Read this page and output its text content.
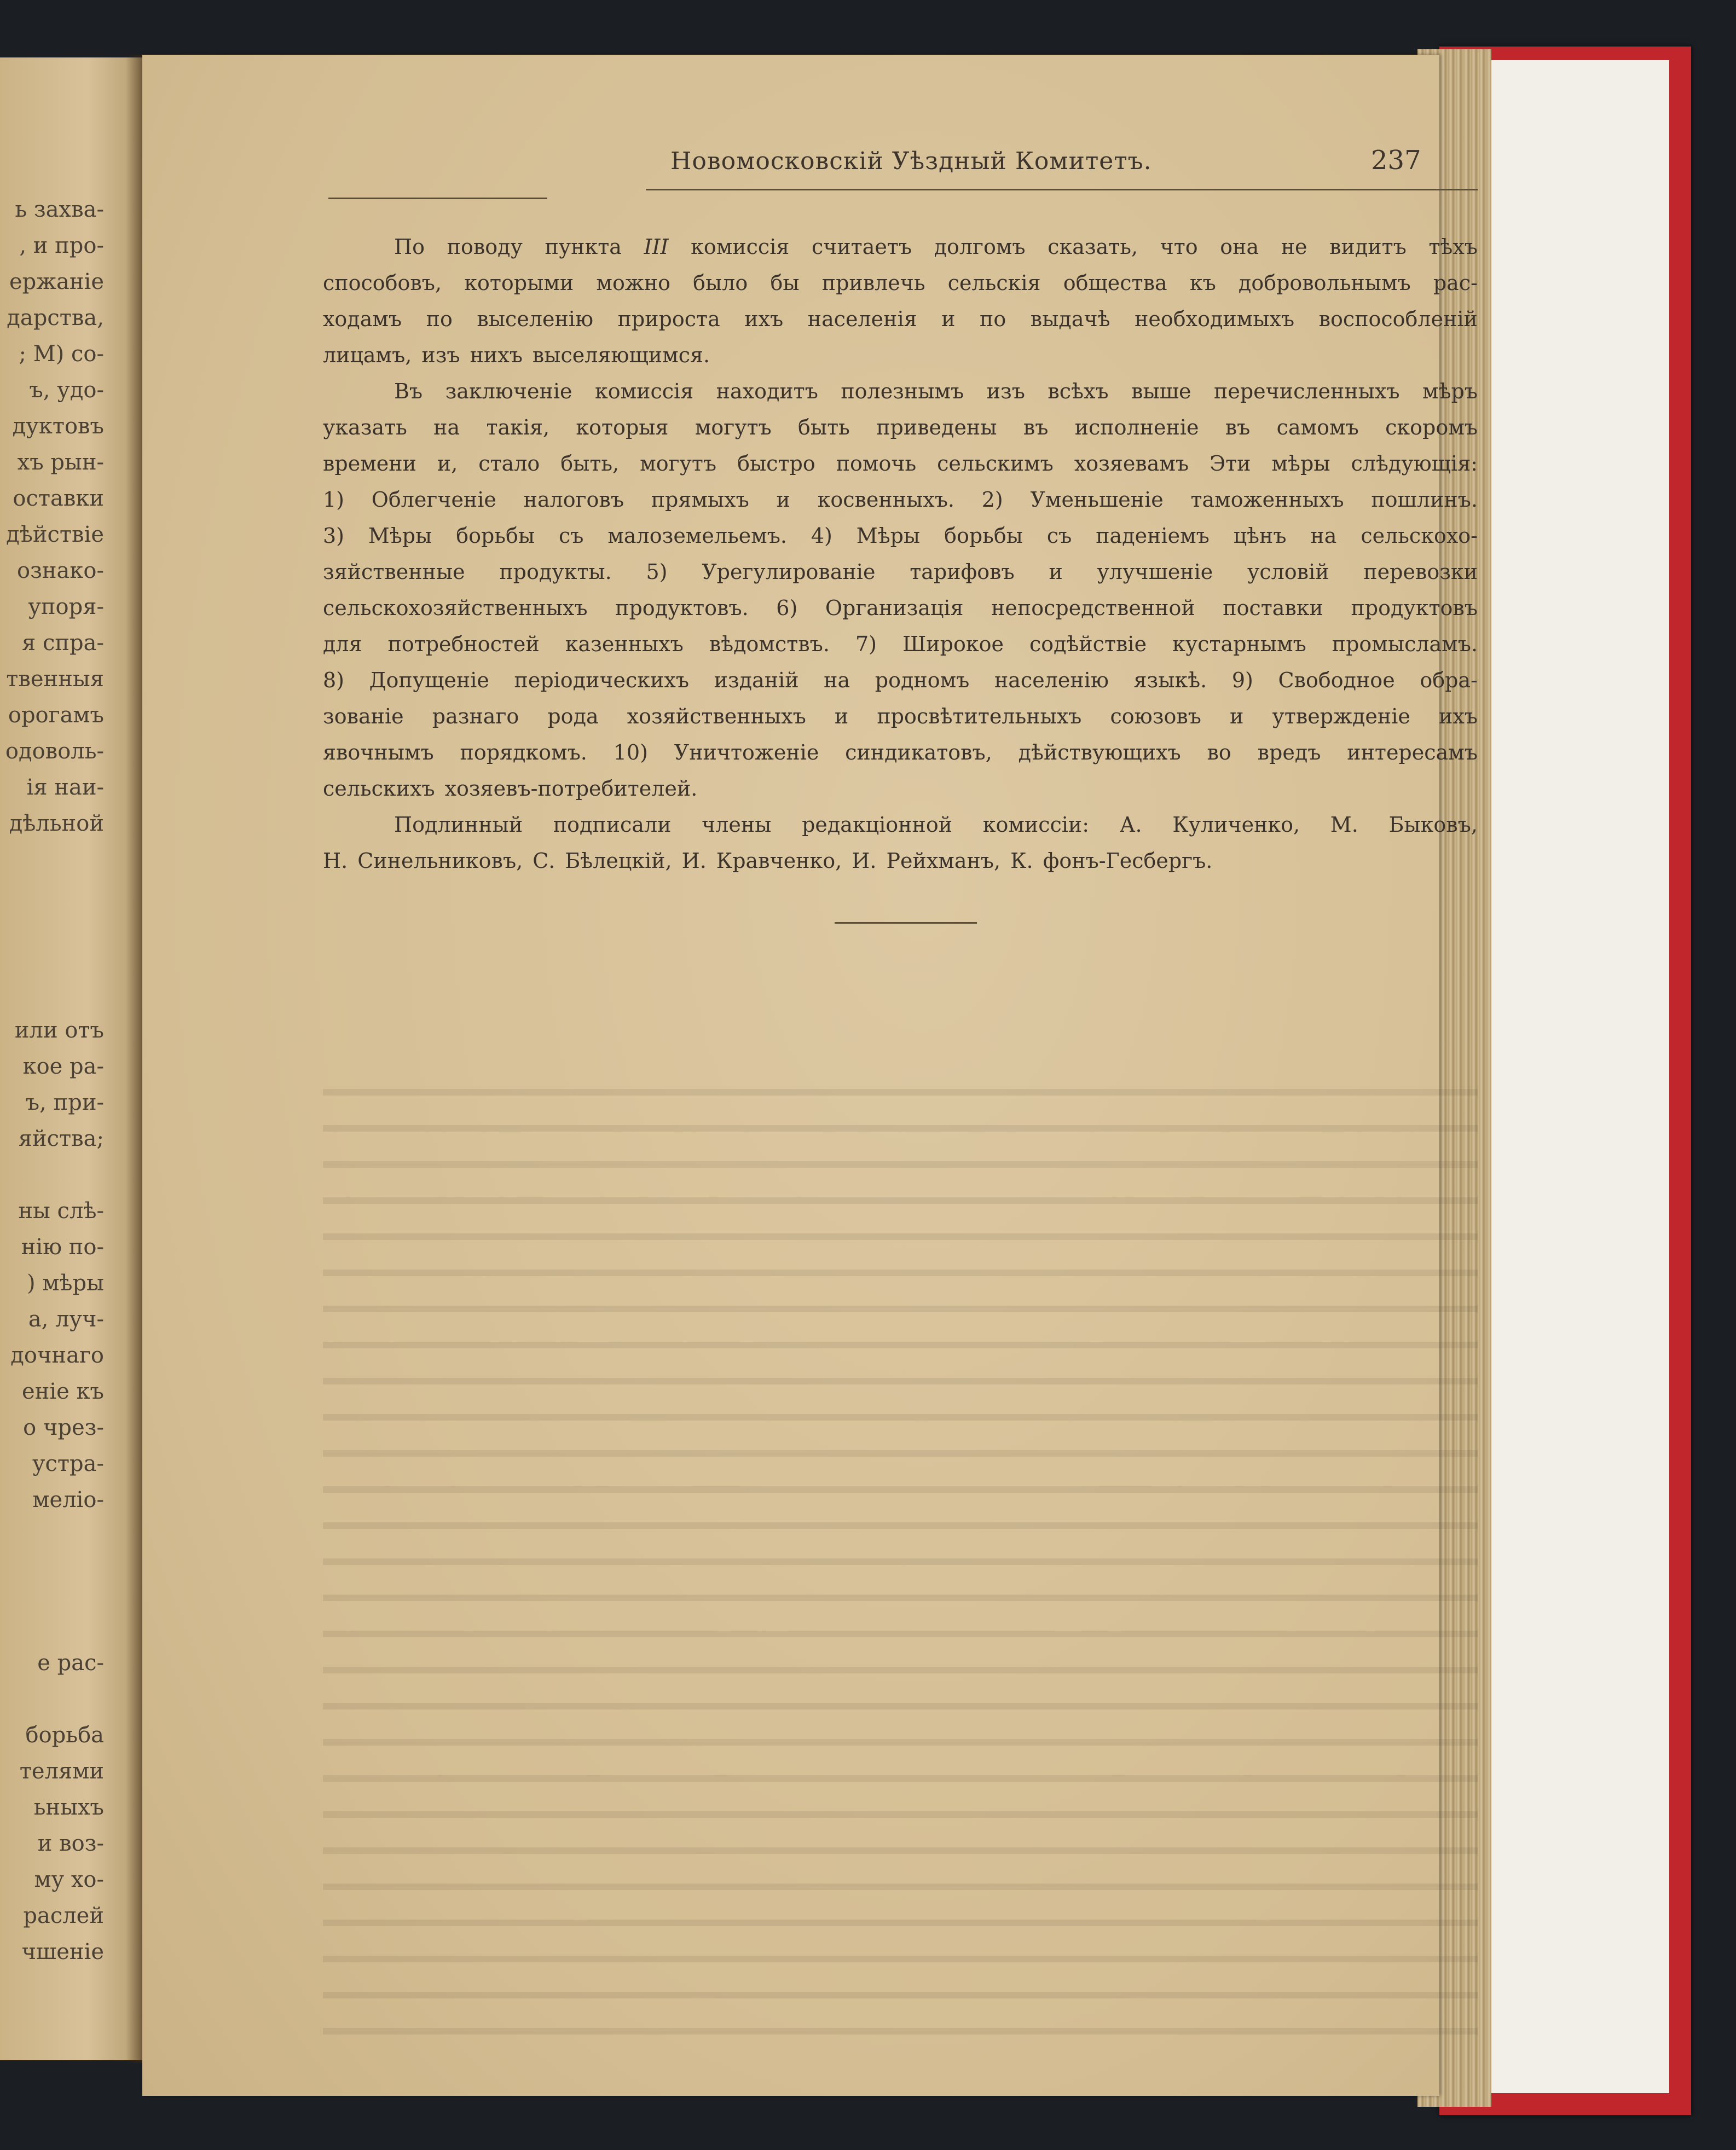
ь захва-
, и про-
ержаніе
дарства,
; М) со-
ъ, удо-
дуктовъ
хъ рын-
оставки
дѣйствіе
ознако-
упоря-
я спра-
твенныя
орогамъ
одоволь-
ія наи-
дѣльной
или отъ
кое ра-
ъ, при-
яйства;
ны слѣ-
нію по-
) мѣры
а, луч-
дочнаго
еніе къ
о чрез-
устра-
меліо-
е рас-
борьба
телями
ьныхъ
и воз-
му хо-
раслей
чшеніе
Новомосковскій Уѣздный Комитетъ.	237
По поводу пункта III комиссія считаетъ долгомъ сказать, что она не видитъ тѣхъ
способовъ, которыми можно было бы привлечь сельскія общества къ добровольнымъ рас-
ходамъ по выселенію прироста ихъ населенія и по выдачѣ необходимыхъ воспособленій
лицамъ, изъ нихъ выселяющимся.
Въ заключеніе комиссія находитъ полезнымъ изъ всѣхъ выше перечисленныхъ мѣръ
указать на такія, которыя могутъ быть приведены въ исполненіе въ самомъ скоромъ
времени и, стало быть, могутъ быстро помочь сельскимъ хозяевамъ Эти мѣры слѣдующія:
1) Облегченіе налоговъ прямыхъ и косвенныхъ. 2) Уменьшеніе таможенныхъ пошлинъ.
3) Мѣры борьбы съ малоземельемъ. 4) Мѣры борьбы съ паденіемъ цѣнъ на сельскохо-
зяйственные продукты. 5) Урегулированіе тарифовъ и улучшеніе условій перевозки
сельскохозяйственныхъ продуктовъ. 6) Организація непосредственной поставки продуктовъ
для потребностей казенныхъ вѣдомствъ. 7) Широкое содѣйствіе кустарнымъ промысламъ.
8) Допущеніе періодическихъ изданій на родномъ населенію языкѣ. 9) Свободное обра-
зованіе разнаго рода хозяйственныхъ и просвѣтительныхъ союзовъ и утвержденіе ихъ
явочнымъ порядкомъ. 10) Уничтоженіе синдикатовъ, дѣйствующихъ во вредъ интересамъ
сельскихъ хозяевъ-потребителей.
Подлинный подписали члены редакціонной комиссіи: А. Куличенко, М. Быковъ,
Н. Синельниковъ, С. Бѣлецкій, И. Кравченко, И. Рейхманъ, К. фонъ-Гесбергъ.
